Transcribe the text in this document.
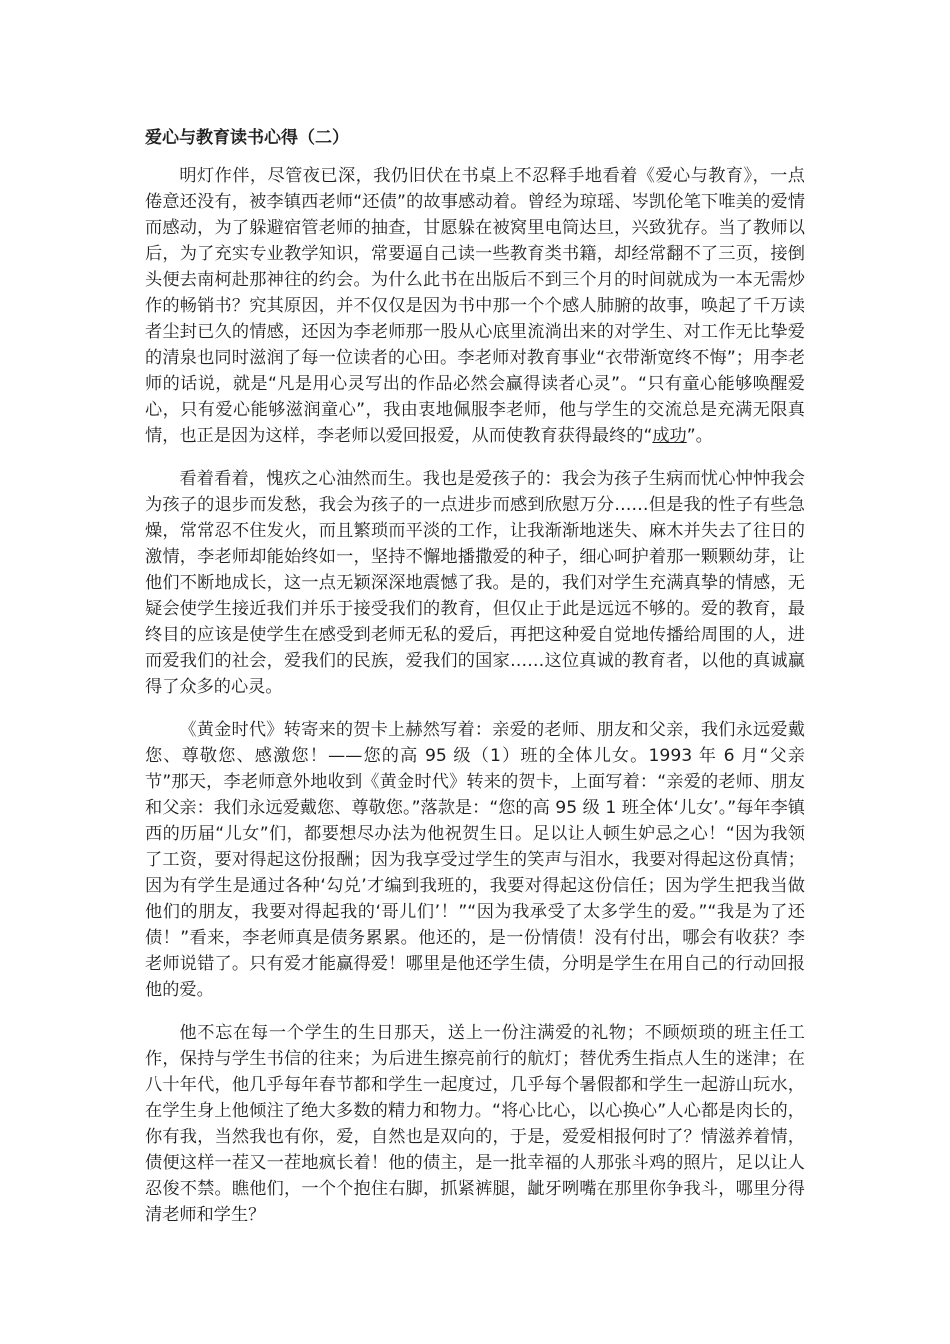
爱心与教育读书心得（二）

明灯作伴，尽管夜已深，我仍旧伏在书桌上不忍释手地看着《爱心与教育》，一点倦意还没有，被李镇西老师“还债”的故事感动着。曾经为琼瑶、岑凯伦笔下唯美的爱情而感动，为了躲避宿管老师的抽查，甘愿躲在被窝里电筒达旦，兴致犹存。当了教师以后，为了充实专业教学知识，常要逼自己读一些教育类书籍，却经常翻不了三页，接倒头便去南柯赴那神往的约会。为什么此书在出版后不到三个月的时间就成为一本无需炒作的畅销书？究其原因，并不仅仅是因为书中那一个个感人肺腑的故事，唤起了千万读者尘封已久的情感，还因为李老师那一股从心底里流淌出来的对学生、对工作无比挚爱的清泉也同时滋润了每一位读者的心田。李老师对教育事业“衣带渐宽终不悔”；用李老师的话说，就是“凡是用心灵写出的作品必然会赢得读者心灵”。“只有童心能够唤醒爱心，只有爱心能够滋润童心”，我由衷地佩服李老师，他与学生的交流总是充满无限真情，也正是因为这样，李老师以爱回报爱，从而使教育获得最终的“成功”。

看着看着，愧疚之心油然而生。我也是爱孩子的：我会为孩子生病而忧心忡忡我会为孩子的退步而发愁，我会为孩子的一点进步而感到欣慰万分……但是我的性子有些急燥，常常忍不住发火，而且繁琐而平淡的工作，让我渐渐地迷失、麻木并失去了往日的激情，李老师却能始终如一，坚持不懈地播撒爱的种子，细心呵护着那一颗颗幼芽，让他们不断地成长，这一点无颖深深地震憾了我。是的，我们对学生充满真挚的情感，无疑会使学生接近我们并乐于接受我们的教育，但仅止于此是远远不够的。爱的教育，最终目的应该是使学生在感受到老师无私的爱后，再把这种爱自觉地传播给周围的人，进而爱我们的社会，爱我们的民族，爱我们的国家……这位真诚的教育者，以他的真诚赢得了众多的心灵。

《黄金时代》转寄来的贺卡上赫然写着：亲爱的老师、朋友和父亲，我们永远爱戴您、尊敬您、感激您！——您的高 95 级（1）班的全体儿女。1993 年 6 月“父亲节”那天，李老师意外地收到《黄金时代》转来的贺卡，上面写着：“亲爱的老师、朋友和父亲：我们永远爱戴您、尊敬您。”落款是：“您的高 95 级 1 班全体‘儿女’。”每年李镇西的历届“儿女”们，都要想尽办法为他祝贺生日。足以让人顿生妒忌之心！“因为我领了工资，要对得起这份报酬；因为我享受过学生的笑声与泪水，我要对得起这份真情；因为有学生是通过各种‘勾兑’才编到我班的，我要对得起这份信任；因为学生把我当做他们的朋友，我要对得起我的‘哥儿们’！”“因为我承受了太多学生的爱。”“我是为了还债！”看来，李老师真是债务累累。他还的，是一份情债！没有付出，哪会有收获？李老师说错了。只有爱才能赢得爱！哪里是他还学生债，分明是学生在用自己的行动回报他的爱。

他不忘在每一个学生的生日那天，送上一份注满爱的礼物；不顾烦琐的班主任工作，保持与学生书信的往来；为后进生擦亮前行的航灯；替优秀生指点人生的迷津；在八十年代，他几乎每年春节都和学生一起度过，几乎每个暑假都和学生一起游山玩水，在学生身上他倾注了绝大多数的精力和物力。“将心比心，以心换心”人心都是肉长的，你有我，当然我也有你，爱，自然也是双向的，于是，爱爱相报何时了？情滋养着情，债便这样一茬又一茬地疯长着！他的债主，是一批幸福的人那张斗鸡的照片，足以让人忍俊不禁。瞧他们，一个个抱住右脚，抓紧裤腿，龇牙咧嘴在那里你争我斗，哪里分得清老师和学生？
